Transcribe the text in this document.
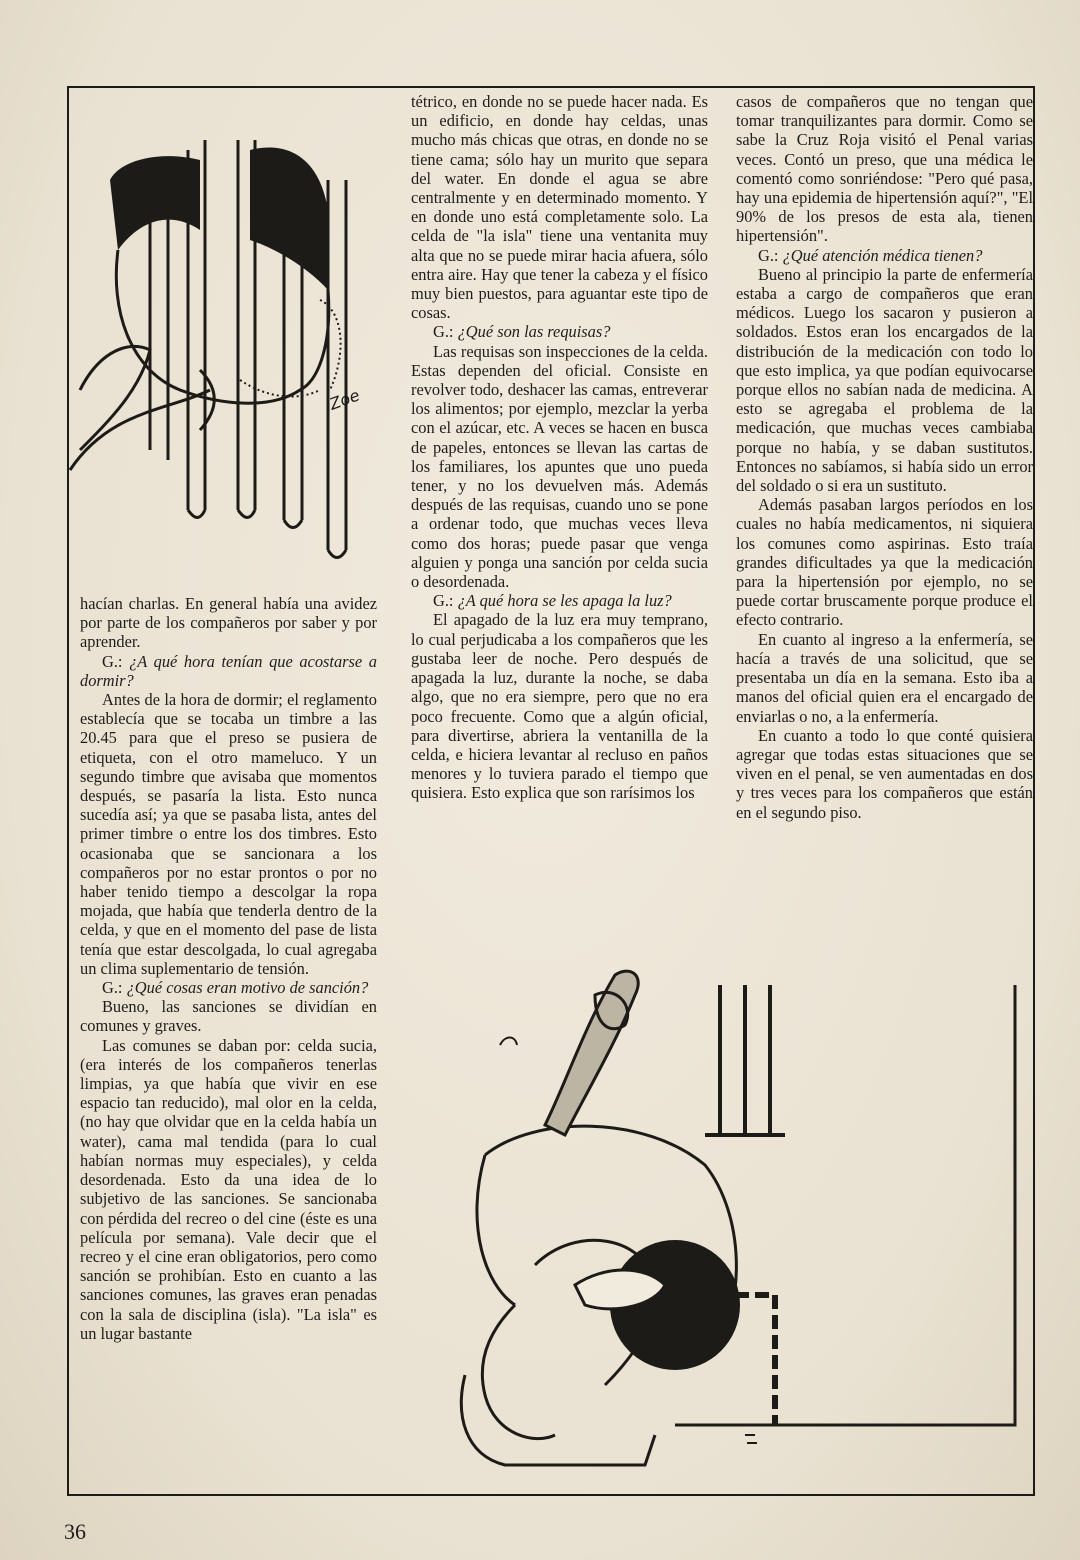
Zoe

hacían charlas. En general había una avidez por parte de los compañeros por saber y por aprender.

G.: ¿A qué hora tenían que acostarse a dormir?

Antes de la hora de dormir; el reglamento establecía que se tocaba un timbre a las 20.45 para que el preso se pusiera de etiqueta, con el otro mameluco. Y un segundo timbre que avisaba que momentos después, se pasaría la lista. Esto nunca sucedía así; ya que se pasaba lista, antes del primer timbre o entre los dos timbres. Esto ocasionaba que se sancionara a los compañeros por no estar prontos o por no haber tenido tiempo a descolgar la ropa mojada, que había que tenderla dentro de la celda, y que en el momento del pase de lista tenía que estar descolgada, lo cual agregaba un clima suplementario de tensión.

G.: ¿Qué cosas eran motivo de sanción?

Bueno, las sanciones se dividían en comunes y graves.

Las comunes se daban por: celda sucia, (era interés de los compañeros tenerlas limpias, ya que había que vivir en ese espacio tan reducido), mal olor en la celda, (no hay que olvidar que en la celda había un water), cama mal tendida (para lo cual habían normas muy especiales), y celda desordenada. Esto da una idea de lo subjetivo de las sanciones. Se sancionaba con pérdida del recreo o del cine (éste es una película por semana). Vale decir que el recreo y el cine eran obligatorios, pero como sanción se prohibían. Esto en cuanto a las sanciones comunes, las graves eran penadas con la sala de disciplina (isla). "La isla" es un lugar bastante

tétrico, en donde no se puede hacer nada. Es un edificio, en donde hay celdas, unas mucho más chicas que otras, en donde no se tiene cama; sólo hay un murito que separa del water. En donde el agua se abre centralmente y en determinado momento. Y en donde uno está completamente solo. La celda de "la isla" tiene una ventanita muy alta que no se puede mirar hacia afuera, sólo entra aire. Hay que tener la cabeza y el físico muy bien puestos, para aguantar este tipo de cosas.

G.: ¿Qué son las requisas?

Las requisas son inspecciones de la celda. Estas dependen del oficial. Consiste en revolver todo, deshacer las camas, entreverar los alimentos; por ejemplo, mezclar la yerba con el azúcar, etc. A veces se hacen en busca de papeles, entonces se llevan las cartas de los familiares, los apuntes que uno pueda tener, y no los devuelven más. Además después de las requisas, cuando uno se pone a ordenar todo, que muchas veces lleva como dos horas; puede pasar que venga alguien y ponga una sanción por celda sucia o desordenada.

G.: ¿A qué hora se les apaga la luz?

El apagado de la luz era muy temprano, lo cual perjudicaba a los compañeros que les gustaba leer de noche. Pero después de apagada la luz, durante la noche, se daba algo, que no era siempre, pero que no era poco frecuente. Como que a algún oficial, para divertirse, abriera la ventanilla de la celda, e hiciera levantar al recluso en paños menores y lo tuviera parado el tiempo que quisiera. Esto explica que son rarísimos los

casos de compañeros que no tengan que tomar tranquilizantes para dormir. Como se sabe la Cruz Roja visitó el Penal varias veces. Contó un preso, que una médica le comentó como sonriéndose: "Pero qué pasa, hay una epidemia de hipertensión aquí?", "El 90% de los presos de esta ala, tienen hipertensión".

G.: ¿Qué atención médica tienen?

Bueno al principio la parte de enfermería estaba a cargo de compañeros que eran médicos. Luego los sacaron y pusieron a soldados. Estos eran los encargados de la distribución de la medicación con todo lo que esto implica, ya que podían equivocarse porque ellos no sabían nada de medicina. A esto se agregaba el problema de la medicación, que muchas veces cambiaba porque no había, y se daban sustitutos. Entonces no sabíamos, si había sido un error del soldado o si era un sustituto.

Además pasaban largos períodos en los cuales no había medicamentos, ni siquiera los comunes como aspirinas. Esto traía grandes dificultades ya que la medicación para la hipertensión por ejemplo, no se puede cortar bruscamente porque produce el efecto contrario.

En cuanto al ingreso a la enfermería, se hacía a través de una solicitud, que se presentaba un día en la semana. Esto iba a manos del oficial quien era el encargado de enviarlas o no, a la enfermería.

En cuanto a todo lo que conté quisiera agregar que todas estas situaciones que se viven en el penal, se ven aumentadas en dos y tres veces para los compañeros que están en el segundo piso.

36
